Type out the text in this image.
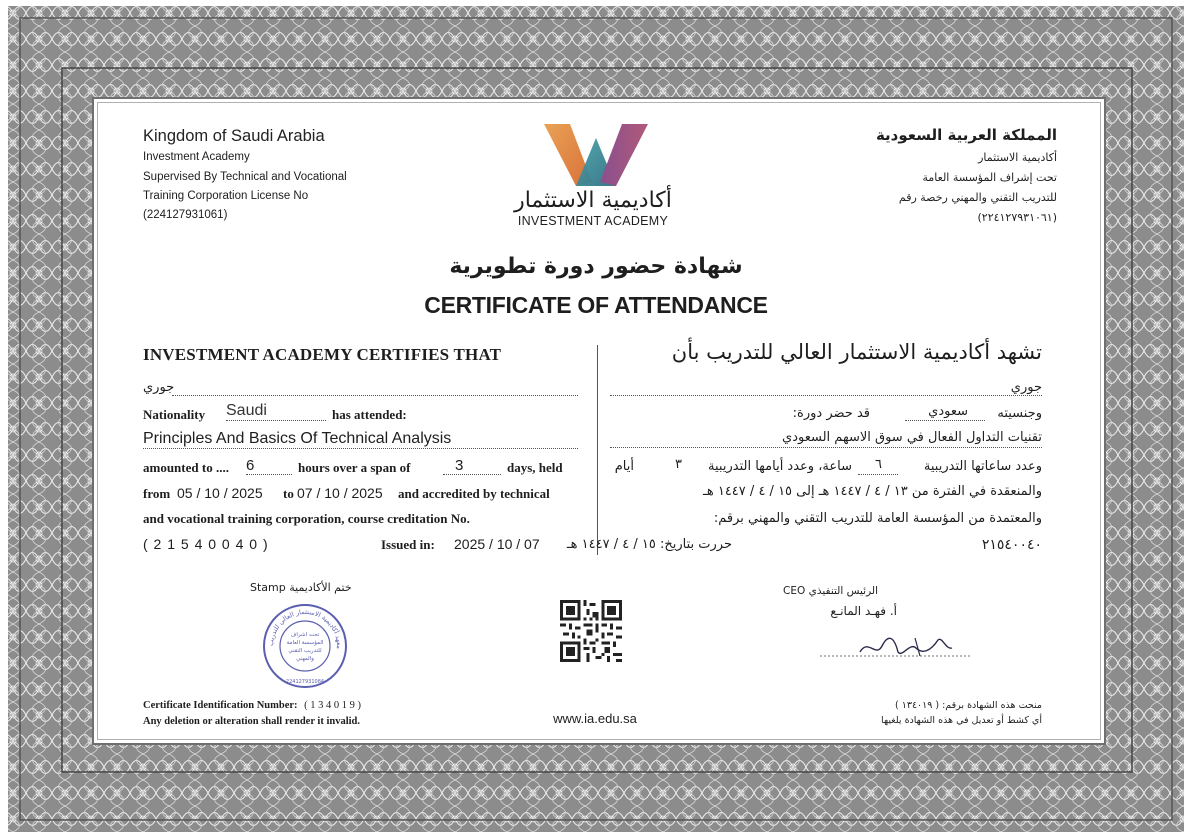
Kingdom of Saudi Arabia
Investment Academy
Supervised By Technical and Vocational
Training Corporation License No
(224127931061)
المملكة العربية السعودية
أكاديمية الاستثمار
تحت إشراف المؤسسة العامة
للتدريب التقني والمهني رخصة رقم
(٢٢٤١٢٧٩٣١٠٦١)
أكاديمية الاستثمار
INVESTMENT ACADEMY
شهادة حضور دورة تطويرية
CERTIFICATE OF ATTENDANCE
INVESTMENT ACADEMY CERTIFIES THAT
جوري
Nationality Saudi	has attended:
Principles And Basics Of Technical Analysis
amounted to .... 6	hours over a span of	3	days, held
from 05 / 10 / 2025 to 07 / 10 / 2025 and accredited by technical
and vocational training corporation, course creditation No.
( 2 1 5 4 0 0 4 0 )	Issued in: 2025 / 10 / 07
تشهد أكاديمية الاستثمار العالي للتدريب بأن
جوري
وجنسيته
سعودي
قد حضر دورة:
تقنيات التداول الفعال في سوق الاسهم السعودي
وعدد ساعاتها التدريبية
٦
ساعة، وعدد أيامها التدريبية
٣
أيام
والمنعقدة في الفترة من ١٣ / ٤ / ١٤٤٧ هـ إلى ١٥ / ٤ / ١٤٤٧ هـ
والمعتمدة من المؤسسة العامة للتدريب التقني والمهني برقم:
٢١٥٤٠٠٤٠
حررت بتاريخ: ١٥ / ٤ / ١٤٤٧ هـ
Stamp ختم الأكاديمية
معهد أكاديمية الاستثمار العالي للتدريب
تحت اشراف
المؤسسة العامة
للتدريب التقني
والمهني
224127931084
الرئيس التنفيذي CEO
أ. فهـد المانـع
Certificate Identification Number: ( 1 3 4 0 1 9 )
Any deletion or alteration shall render it invalid.	www.ia.edu.sa
منحت هذه الشهادة برقم: ( ١٣٤٠١٩ )
أي كشط أو تعديل في هذه الشهادة يلغيها
